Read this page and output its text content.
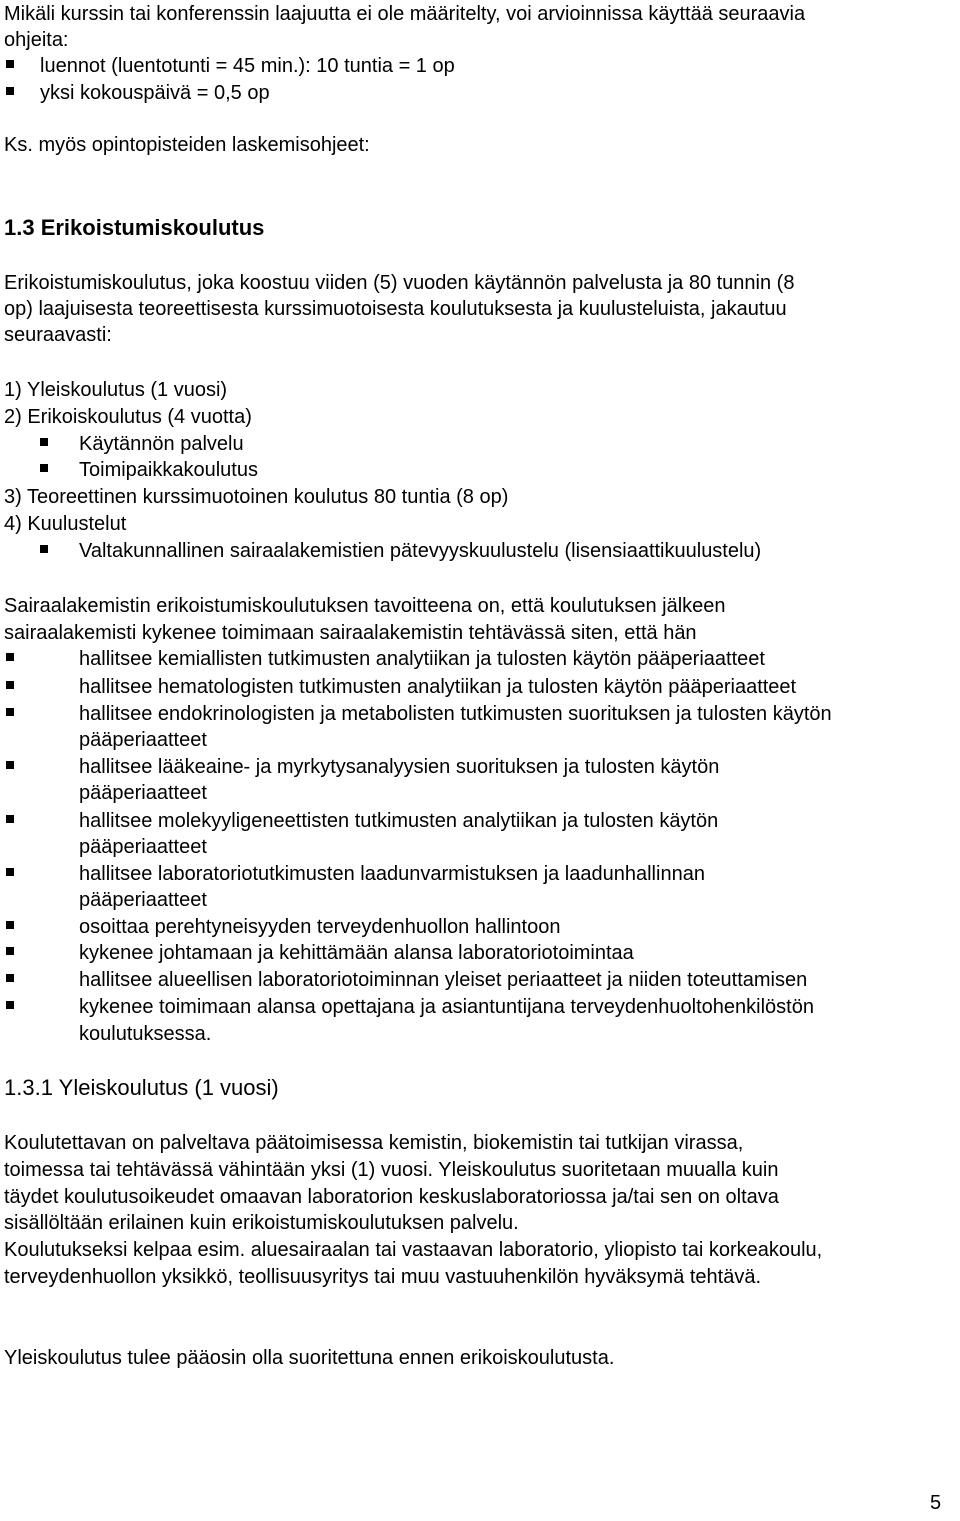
Mikäli kurssin tai konferenssin laajuutta ei ole määritelty, voi arvioinnissa käyttää seuraavia
ohjeita:
luennot (luentotunti = 45 min.): 10 tuntia = 1 op
yksi kokouspäivä = 0,5 op
Ks. myös opintopisteiden laskemisohjeet:
1.3 Erikoistumiskoulutus
Erikoistumiskoulutus, joka koostuu viiden (5) vuoden käytännön palvelusta ja 80 tunnin (8
op) laajuisesta teoreettisesta kurssimuotoisesta koulutuksesta ja kuulusteluista, jakautuu
seuraavasti:
1) Yleiskoulutus (1 vuosi)
2) Erikoiskoulutus (4 vuotta)
Käytännön palvelu
Toimipaikkakoulutus
3) Teoreettinen kurssimuotoinen koulutus 80 tuntia (8 op)
4) Kuulustelut
Valtakunnallinen sairaalakemistien pätevyyskuulustelu (lisensiaattikuulustelu)
Sairaalakemistin erikoistumiskoulutuksen tavoitteena on, että koulutuksen jälkeen
sairaalakemisti kykenee toimimaan sairaalakemistin tehtävässä siten, että hän
hallitsee kemiallisten tutkimusten analytiikan ja tulosten käytön pääperiaatteet
hallitsee hematologisten tutkimusten analytiikan ja tulosten käytön pääperiaatteet
hallitsee endokrinologisten ja metabolisten tutkimusten suorituksen ja tulosten käytön
pääperiaatteet
hallitsee lääkeaine- ja myrkytysanalyysien suorituksen ja tulosten käytön
pääperiaatteet
hallitsee molekyyligeneettisten tutkimusten analytiikan ja tulosten käytön
pääperiaatteet
hallitsee laboratoriotutkimusten laadunvarmistuksen ja laadunhallinnan
pääperiaatteet
osoittaa perehtyneisyyden terveydenhuollon hallintoon
kykenee johtamaan ja kehittämään alansa laboratoriotoimintaa
hallitsee alueellisen laboratoriotoiminnan yleiset periaatteet ja niiden toteuttamisen
kykenee toimimaan alansa opettajana ja asiantuntijana terveydenhuoltohenkilöstön
koulutuksessa.
1.3.1 Yleiskoulutus (1 vuosi)
Koulutettavan on palveltava päätoimisessa kemistin, biokemistin tai tutkijan virassa,
toimessa tai tehtävässä vähintään yksi (1) vuosi. Yleiskoulutus suoritetaan muualla kuin
täydet koulutusoikeudet omaavan laboratorion keskuslaboratoriossa ja/tai sen on oltava
sisällöltään erilainen kuin erikoistumiskoulutuksen palvelu.
Koulutukseksi kelpaa esim. aluesairaalan tai vastaavan laboratorio, yliopisto tai korkeakoulu,
terveydenhuollon yksikkö, teollisuusyritys tai muu vastuuhenkilön hyväksymä tehtävä.
Yleiskoulutus tulee pääosin olla suoritettuna ennen erikoiskoulutusta.
5
